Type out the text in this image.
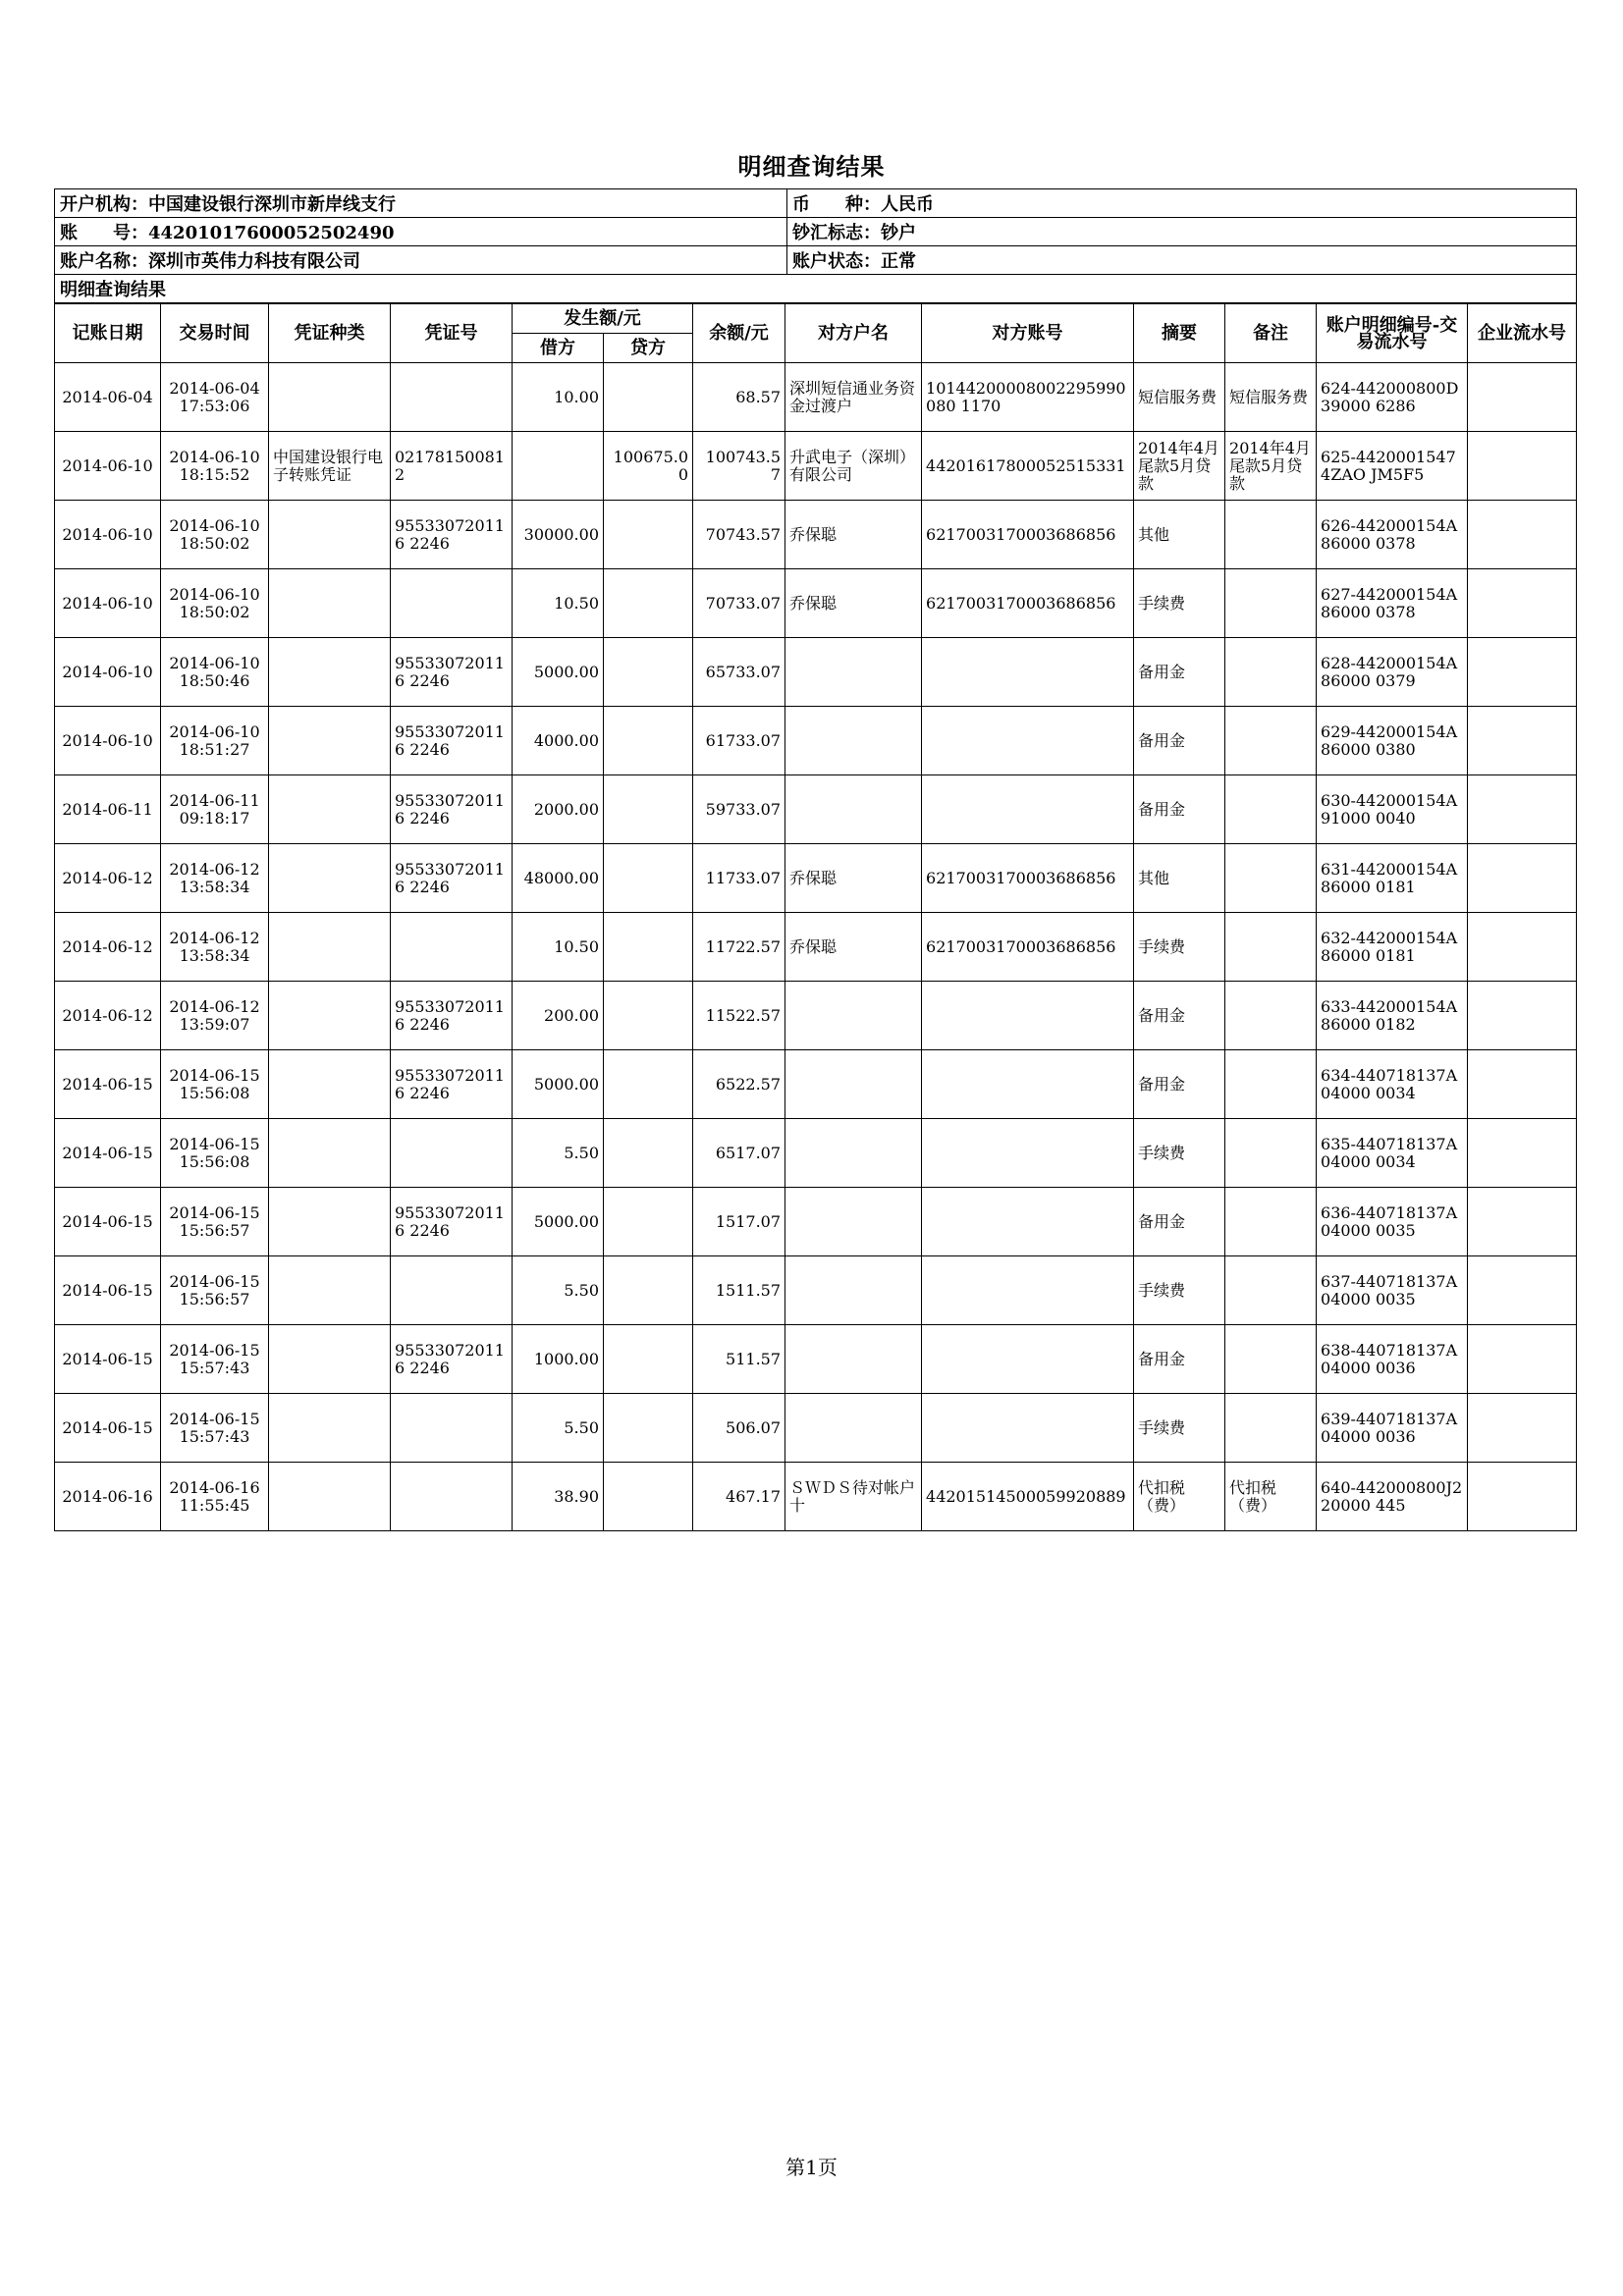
明细查询结果
开户机构：中国建设银行深圳市新岸线支行	币　　种：人民币
账　　号：44201017600052502490	钞汇标志：钞户
账户名称：深圳市英伟力科技有限公司	账户状态：正常
明细查询结果	
记账日期	交易时间	凭证种类	凭证号	发生额/元		余额/元	对方户名	对方账号	摘要	备注	账户明细编号-交易流水号	企业流水号
				借方	贷方							
2014-06-04	2014-06-04 17:53:06			10.00		68.57	深圳短信通业务资金过渡户	10144200008002295990080 1170	短信服务费	短信服务费	624-442000800D39000 6286	
2014-06-10	2014-06-10 18:15:52	中国建设银行电子转账凭证	021781500812		100675.00	100743.57	升武电子（深圳）有限公司	44201617800052515331	2014年4月尾款5月贷款	2014年4月尾款5月贷款	625-44200015474ZAO JM5F5	
2014-06-10	2014-06-10 18:50:02		955330720116 2246	30000.00		70743.57	乔保聪	6217003170003686856	其他		626-442000154A86000 0378	
2014-06-10	2014-06-10 18:50:02			10.50		70733.07	乔保聪	6217003170003686856	手续费		627-442000154A86000 0378	
2014-06-10	2014-06-10 18:50:46		955330720116 2246	5000.00		65733.07			备用金		628-442000154A86000 0379	
2014-06-10	2014-06-10 18:51:27		955330720116 2246	4000.00		61733.07			备用金		629-442000154A86000 0380	
2014-06-11	2014-06-11 09:18:17		955330720116 2246	2000.00		59733.07			备用金		630-442000154A91000 0040	
2014-06-12	2014-06-12 13:58:34		955330720116 2246	48000.00		11733.07	乔保聪	6217003170003686856	其他		631-442000154A86000 0181	
2014-06-12	2014-06-12 13:58:34			10.50		11722.57	乔保聪	6217003170003686856	手续费		632-442000154A86000 0181	
2014-06-12	2014-06-12 13:59:07		955330720116 2246	200.00		11522.57			备用金		633-442000154A86000 0182	
2014-06-15	2014-06-15 15:56:08		955330720116 2246	5000.00		6522.57			备用金		634-440718137A04000 0034	
2014-06-15	2014-06-15 15:56:08			5.50		6517.07			手续费		635-440718137A04000 0034	
2014-06-15	2014-06-15 15:56:57		955330720116 2246	5000.00		1517.07			备用金		636-440718137A04000 0035	
2014-06-15	2014-06-15 15:56:57			5.50		1511.57			手续费		637-440718137A04000 0035	
2014-06-15	2014-06-15 15:57:43		955330720116 2246	1000.00		511.57			备用金		638-440718137A04000 0036	
2014-06-15	2014-06-15 15:57:43			5.50		506.07			手续费		639-440718137A04000 0036	
2014-06-16	2014-06-16 11:55:45			38.90		467.17	ＳＷＤＳ待对帐户十	44201514500059920889	代扣税（费）	代扣税（费）	640-442000800J220000 445	
第1页
